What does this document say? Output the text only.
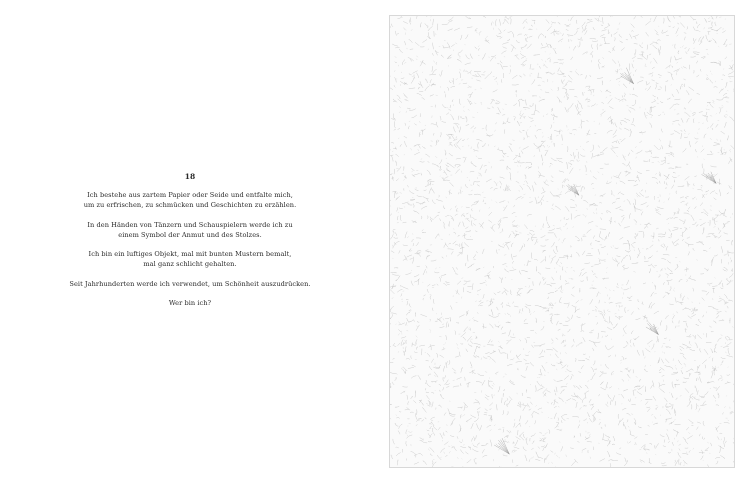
18

Ich bestehe aus zartem Papier oder Seide und entfalte mich,
um zu erfrischen, zu schmücken und Geschichten zu erzählen.

In den Händen von Tänzern und Schauspielern werde ich zu
einem Symbol der Anmut und des Stolzes.

Ich bin ein luftiges Objekt, mal mit bunten Mustern bemalt,
mal ganz schlicht gehalten.

Seit Jahrhunderten werde ich verwendet, um Schönheit auszudrücken.

Wer bin ich?
